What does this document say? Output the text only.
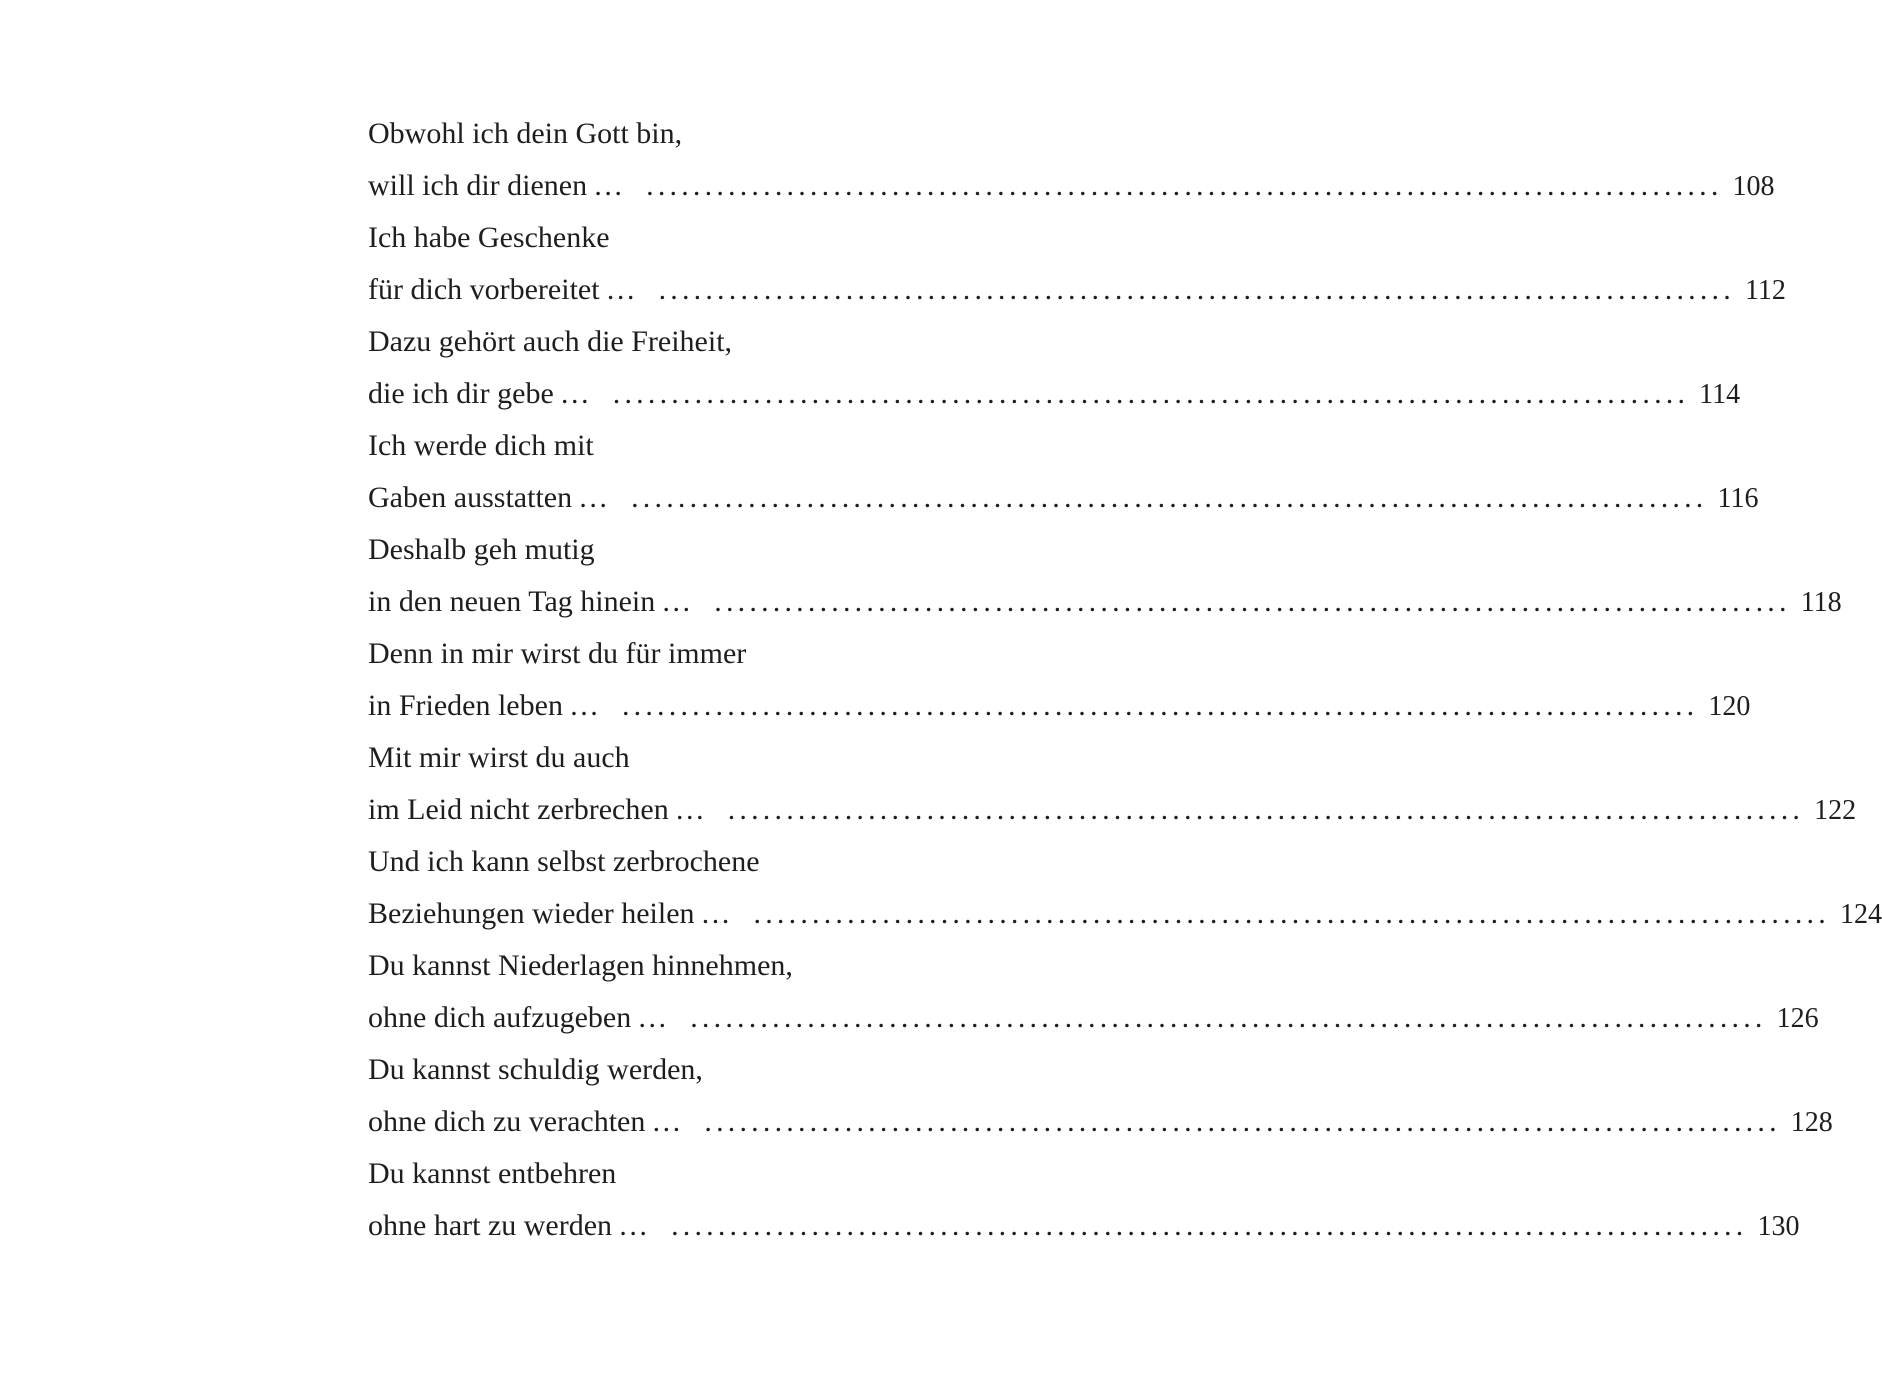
Obwohl ich dein Gott bin,
will ich dir dienen … ............................................................................................ 108
Ich habe Geschenke
für dich vorbereitet … ............................................................................................ 112
Dazu gehört auch die Freiheit,
die ich dir gebe … ............................................................................................ 114
Ich werde dich mit
Gaben ausstatten … ............................................................................................ 116
Deshalb geh mutig
in den neuen Tag hinein … ............................................................................................ 118
Denn in mir wirst du für immer
in Frieden leben … ............................................................................................ 120
Mit mir wirst du auch
im Leid nicht zerbrechen … ............................................................................................ 122
Und ich kann selbst zerbrochene
Beziehungen wieder heilen … ............................................................................................ 124
Du kannst Niederlagen hinnehmen,
ohne dich aufzugeben … ............................................................................................ 126
Du kannst schuldig werden,
ohne dich zu verachten … ............................................................................................ 128
Du kannst entbehren
ohne hart zu werden … ............................................................................................ 130
